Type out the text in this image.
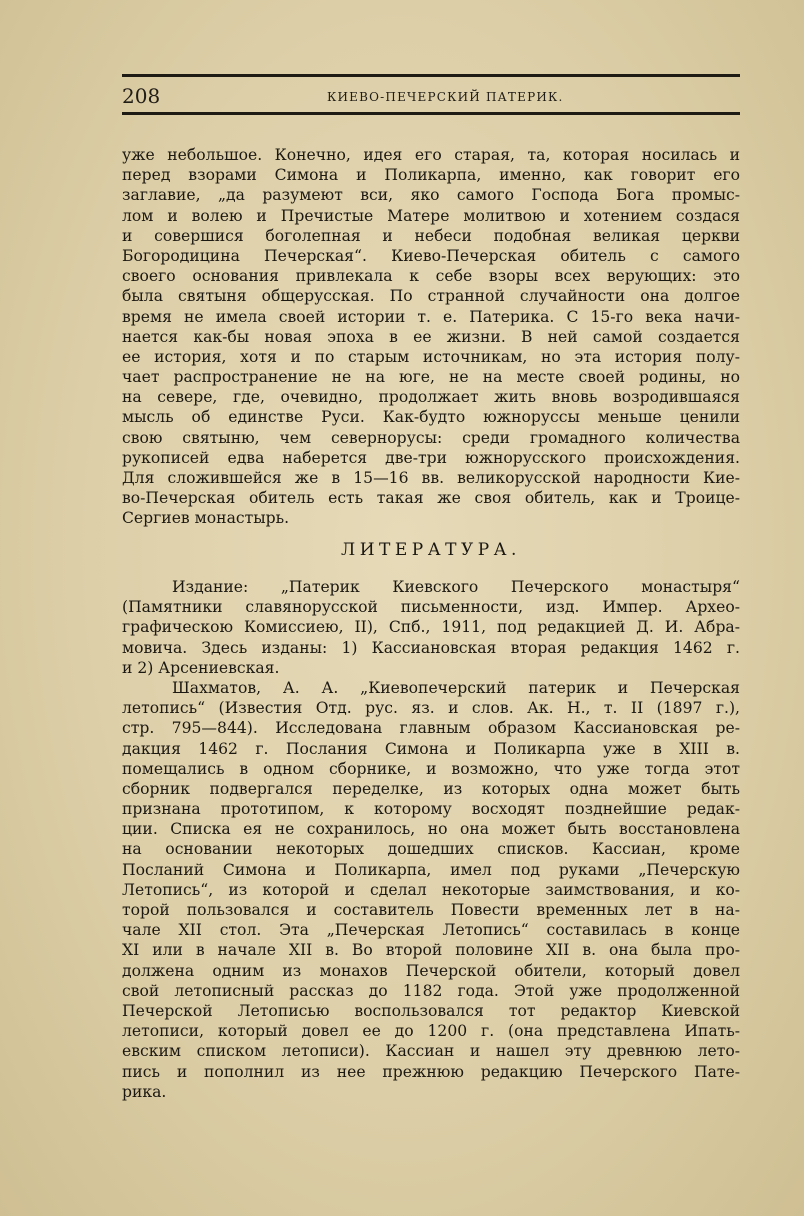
208	КИЕВО-ПЕЧЕРСКИЙ ПАТЕРИК.

уже небольшое. Конечно, идея его старая, та, которая носилась и
перед взорами Симона и Поликарпа, именно, как говорит его
заглавие, „да разумеют вси, яко самого Господа Бога промыс-
лом и волею и Пречистые Матере молитвою и хотением создася
и совершися боголепная и небеси подобная великая церкви
Богородицина Печерская“. Киево-Печерская обитель с самого
своего основания привлекала к себе взоры всех верующих: это
была святыня общерусская. По странной случайности она долгое
время не имела своей истории т. е. Патерика. С 15-го века начи-
нается как-бы новая эпоха в ее жизни. В ней самой создается
ее история, хотя и по старым источникам, но эта история полу-
чает распространение не на юге, не на месте своей родины, но
на севере, где, очевидно, продолжает жить вновь возродившаяся
мысль об единстве Руси. Как-будто южноруссы меньше ценили
свою святыню, чем севернорусы: среди громадного количества
рукописей едва наберется две-три южнорусского происхождения.
Для сложившейся же в 15—16 вв. великорусской народности Кие-
во-Печерская обитель есть такая же своя обитель, как и Троице-
Сергиев монастырь.

ЛИТЕРАТУРА.

Издание: „Патерик Киевского Печерского монастыря“
(Памятники славянорусской письменности, изд. Импер. Архео-
графическою Комиссиею, II), Спб., 1911, под редакцией Д. И. Абра-
мовича. Здесь изданы: 1) Кассиановская вторая редакция 1462 г.
и 2) Арсениевская.
Шахматов, А. А. „Киевопечерский патерик и Печерская
летопись“ (Известия Отд. рус. яз. и слов. Ак. Н., т. II (1897 г.),
стр. 795—844). Исследована главным образом Кассиановская ре-
дакция 1462 г. Послания Симона и Поликарпа уже в XIII в.
помещались в одном сборнике, и возможно, что уже тогда этот
сборник подвергался переделке, из которых одна может быть
признана прототипом, к которому восходят позднейшие редак-
ции. Списка ея не сохранилось, но она может быть восстановлена
на основании некоторых дошедших списков. Кассиан, кроме
Посланий Симона и Поликарпа, имел под руками „Печерскую
Летопись“, из которой и сделал некоторые заимствования, и ко-
торой пользовался и составитель Повести временных лет в на-
чале XII стол. Эта „Печерская Летопись“ составилась в конце
XI или в начале XII в. Во второй половине XII в. она была про-
должена одним из монахов Печерской обители, который довел
свой летописный рассказ до 1182 года. Этой уже продолженной
Печерской Летописью воспользовался тот редактор Киевской
летописи, который довел ее до 1200 г. (она представлена Ипать-
евским списком летописи). Кассиан и нашел эту древнюю лето-
пись и пополнил из нее прежнюю редакцию Печерского Пате-
рика.
